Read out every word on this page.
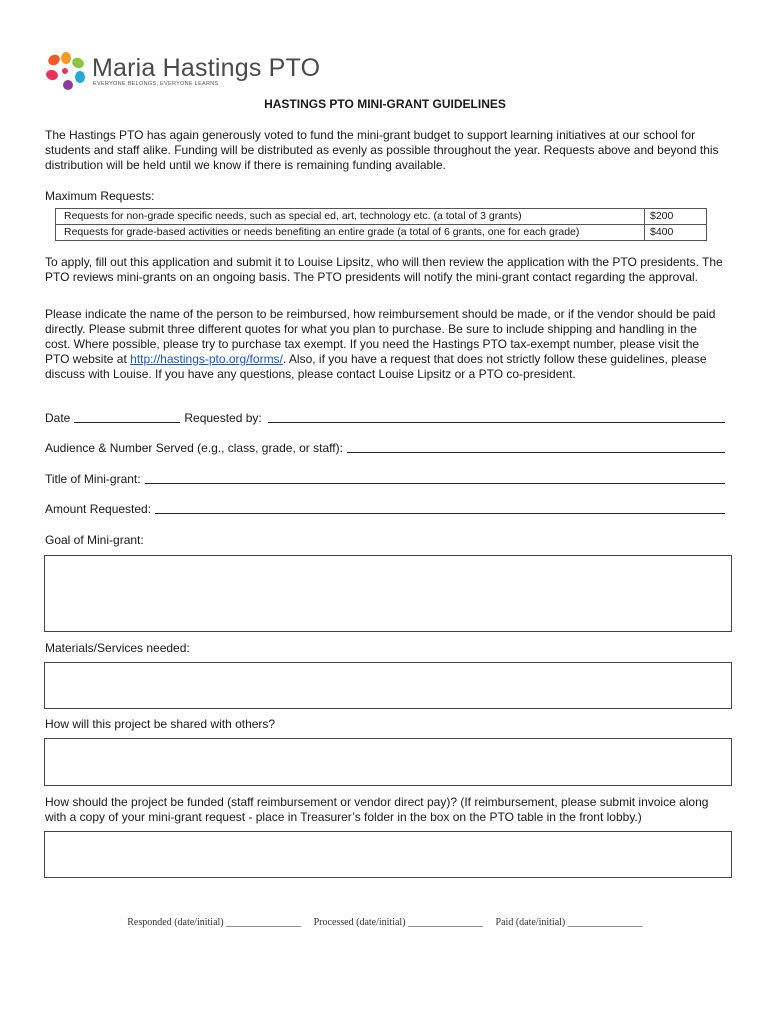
Maria Hastings PTO
EVERYONE BELONGS, EVERYONE LEARNS
HASTINGS PTO MINI-GRANT GUIDELINES
The Hastings PTO has again generously voted to fund the mini-grant budget to support learning initiatives at our school for students and staff alike. Funding will be distributed as evenly as possible throughout the year. Requests above and beyond this distribution will be held until we know if there is remaining funding available.
Maximum Requests:
Requests for non-grade specific needs, such as special ed, art, technology etc. (a total of 3 grants)	$200
Requests for grade-based activities or needs benefiting an entire grade (a total of 6 grants, one for each grade)	$400
To apply, fill out this application and submit it to Louise Lipsitz, who will then review the application with the PTO presidents. The PTO reviews mini-grants on an ongoing basis. The PTO presidents will notify the mini-grant contact regarding the approval.
Please indicate the name of the person to be reimbursed, how reimbursement should be made, or if the vendor should be paid directly. Please submit three different quotes for what you plan to purchase. Be sure to include shipping and handling in the cost. Where possible, please try to purchase tax exempt. If you need the Hastings PTO tax-exempt number, please visit the PTO website at http://hastings-pto.org/forms/. Also, if you have a request that does not strictly follow these guidelines, please discuss with Louise. If you have any questions, please contact Louise Lipsitz or a PTO co-president.
Date	Requested by:
Audience & Number Served (e.g., class, grade, or staff):
Title of Mini-grant:
Amount Requested:
Goal of Mini-grant:
Materials/Services needed:
How will this project be shared with others?
How should the project be funded (staff reimbursement or vendor direct pay)? (If reimbursement, please submit invoice along with a copy of your mini-grant request - place in Treasurer’s folder in the box on the PTO table in the front lobby.)
Responded (date/initial) _______________ Processed (date/initial) _______________ Paid (date/initial) _______________
